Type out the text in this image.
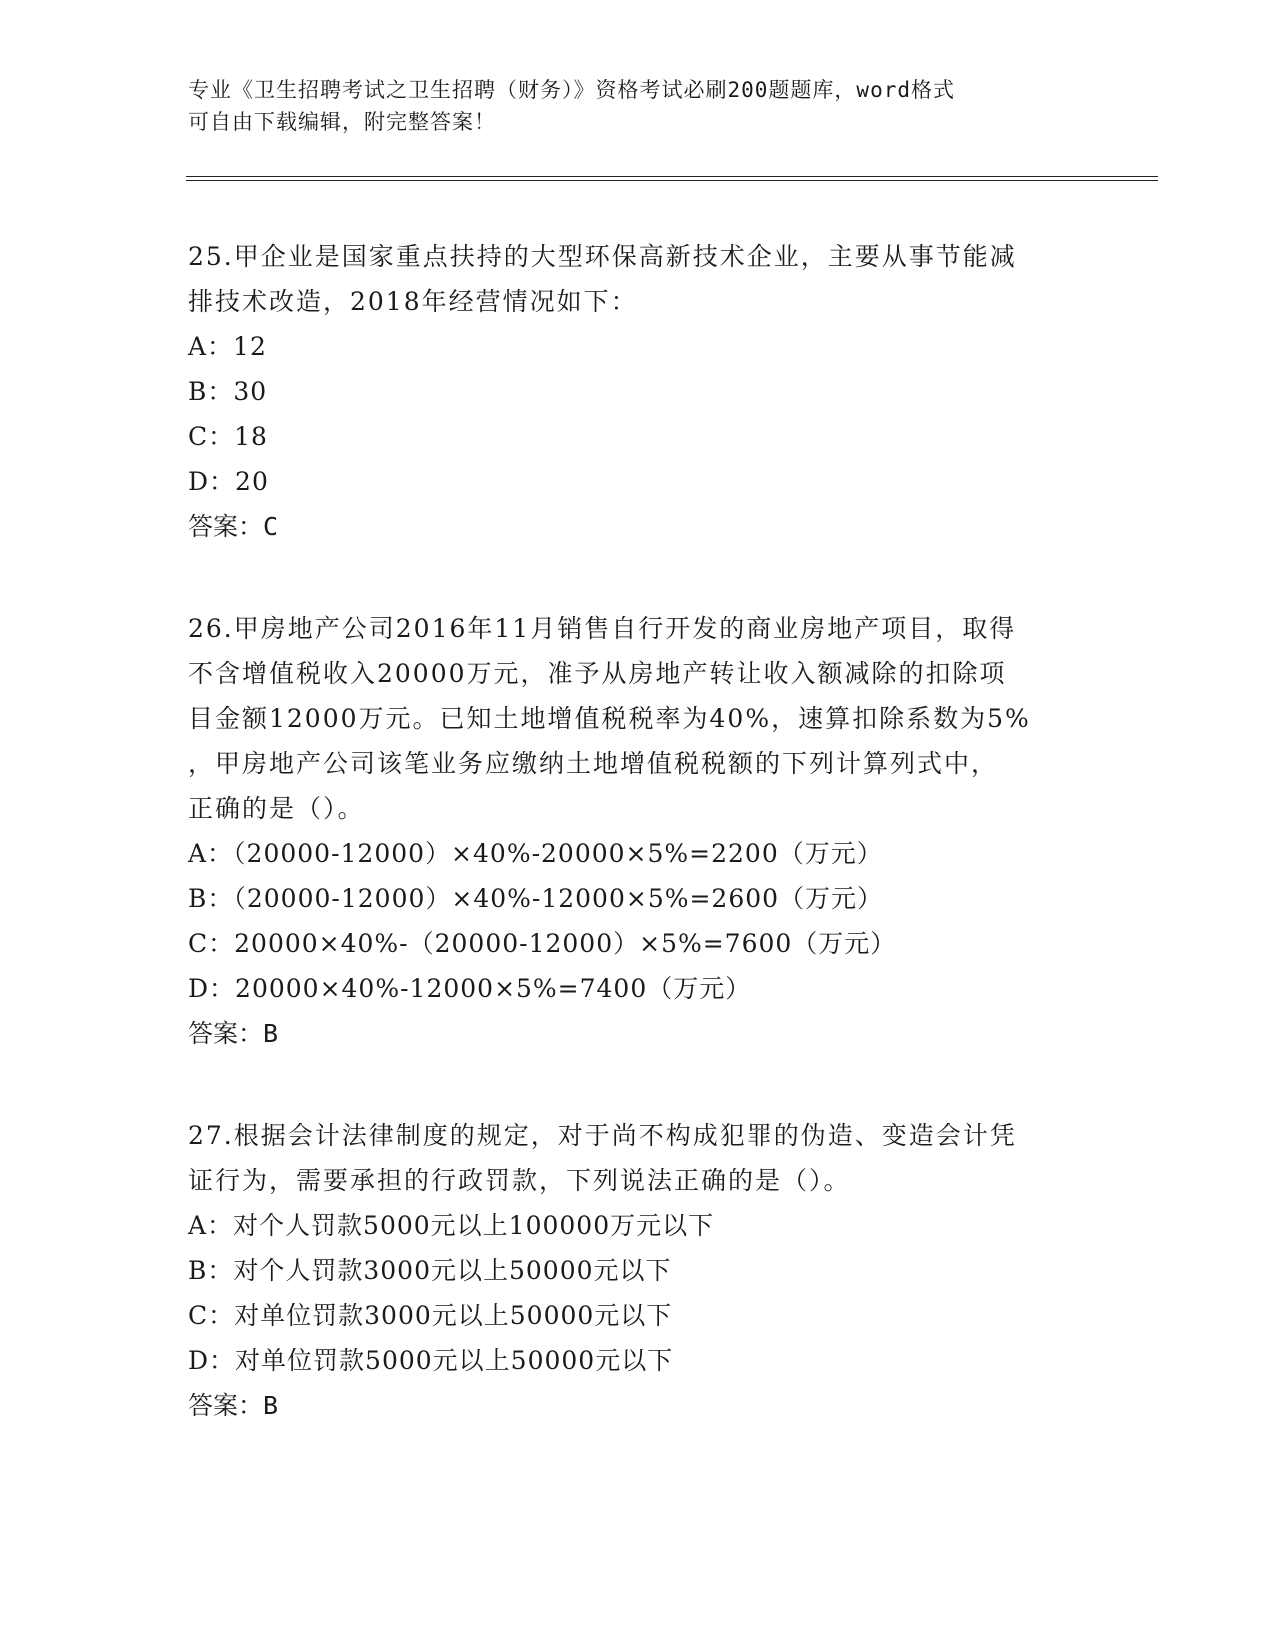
专业《卫生招聘考试之卫生招聘（财务）》资格考试必刷200题题库，word格式
可自由下载编辑，附完整答案！
25.甲企业是国家重点扶持的大型环保高新技术企业，主要从事节能减
排技术改造，2018年经营情况如下：
A：12
B：30
C：18
D：20
答案：C
26.甲房地产公司2016年11月销售自行开发的商业房地产项目，取得
不含增值税收入20000万元，准予从房地产转让收入额减除的扣除项
目金额12000万元。已知土地增值税税率为40%，速算扣除系数为5%
，甲房地产公司该笔业务应缴纳土地增值税税额的下列计算列式中，
正确的是（）。
A：（20000-12000）×40%-20000×5%=2200（万元）
B：（20000-12000）×40%-12000×5%=2600（万元）
C：20000×40%-（20000-12000）×5%=7600（万元）
D：20000×40%-12000×5%=7400（万元）
答案：B
27.根据会计法律制度的规定，对于尚不构成犯罪的伪造、变造会计凭
证行为，需要承担的行政罚款，下列说法正确的是（）。
A：对个人罚款5000元以上100000万元以下
B：对个人罚款3000元以上50000元以下
C：对单位罚款3000元以上50000元以下
D：对单位罚款5000元以上50000元以下
答案：B
